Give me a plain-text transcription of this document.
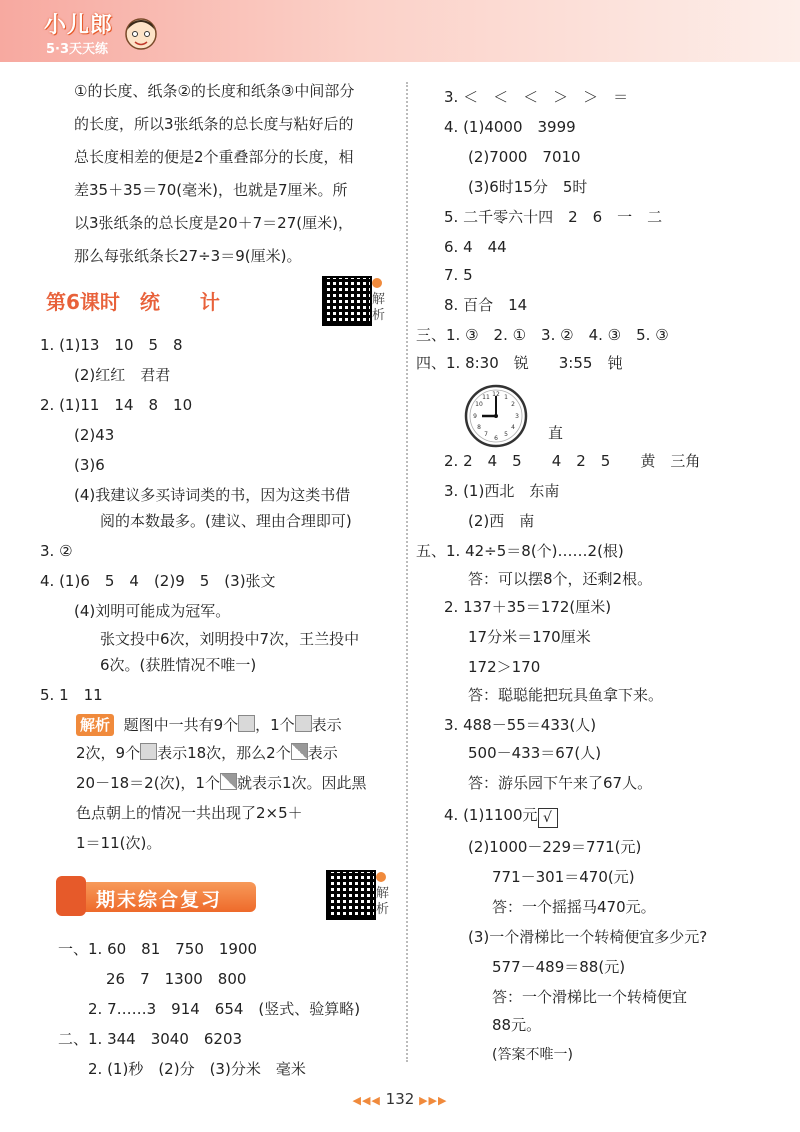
小儿郎
5·3天天练
①的长度、纸条②的长度和纸条③中间部分
的长度，所以3张纸条的总长度与粘好后的
总长度相差的便是2个重叠部分的长度，相
差35＋35＝70(毫米)，也就是7厘米。所
以3张纸条的总长度是20＋7＝27(厘米)，
那么每张纸条长27÷3＝9(厘米)。
第6课时　统　　计	解析
1. (1)13　10　5　8
(2)红红　君君
2. (1)11　14　8　10
(2)43
(3)6
(4)我建议多买诗词类的书，因为这类书借
阅的本数最多。(建议、理由合理即可)
3. ②
4. (1)6　5　4　(2)9　5　(3)张文
(4)刘明可能成为冠军。
张文投中6次，刘明投中7次，王兰投中
6次。(获胜情况不唯一)
5. 1　11
解析 题图中一共有9个 ，1个 表示
2次，9个 表示18次，那么2个 表示
20－18＝2(次)，1个 就表示1次。因此黑
色点朝上的情况一共出现了2×5＋
1＝11(次)。
期末综合复习	解析
一、1. 60　81　750　1900
26　7　1300　800
2. 7……3　914　654　(竖式、验算略)
二、1. 344　3040　6203
2. (1)秒　(2)分　(3)分米　毫米
3. ＜　＜　＜　＞　＞　＝
4. (1)4000　3999
(2)7000　7010
(3)6时15分　5时
5. 二千零六十四　2　6　一　二
6. 4　44
7. 5
8. 百合　14
三、1. ③　2. ①　3. ②　4. ③　5. ③
四、1. 8:30　锐　　3:55　钝
12 1
2
3
4
5
6
7
8
9
10
11
直
2. 2　4　5　　4　2　5　　黄　三角
3. (1)西北　东南
(2)西　南
五、1. 42÷5＝8(个)……2(根)
答：可以摆8个，还剩2根。
2. 137＋35＝172(厘米)
17分米＝170厘米
172＞170
答：聪聪能把玩具鱼拿下来。
3. 488－55＝433(人)
500－433＝67(人)
答：游乐园下午来了67人。
4. (1)1100元 √
(2)1000－229＝771(元)
771－301＝470(元)
答：一个摇摇马470元。
(3)一个滑梯比一个转椅便宜多少元?
577－489＝88(元)
答：一个滑梯比一个转椅便宜
88元。
(答案不唯一)
◀◀◀ 132 ▶▶▶
